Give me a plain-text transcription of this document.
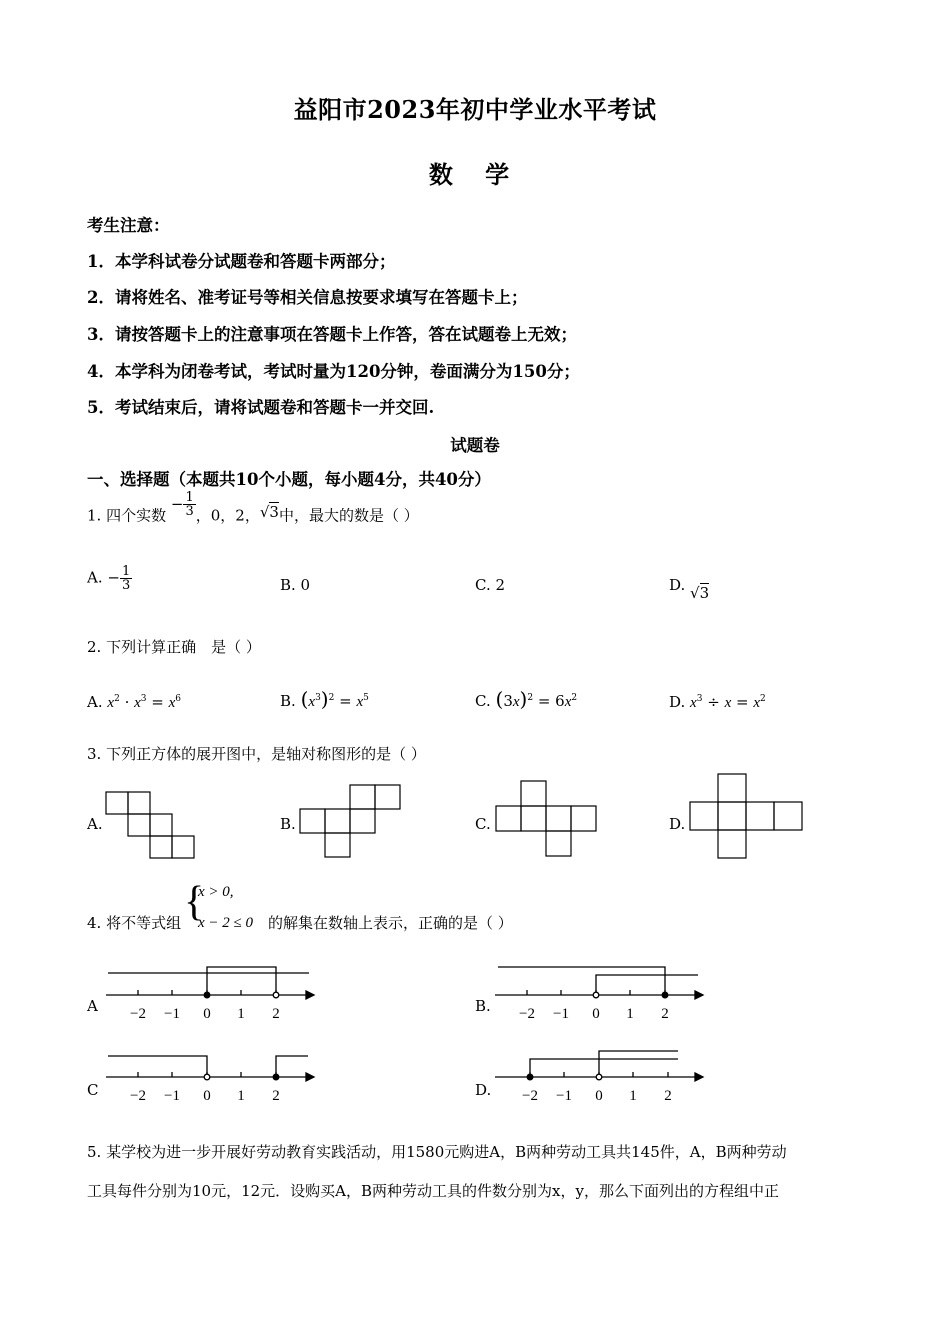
益阳市2023年初中学业水平考试
数 学
考生注意：
1．本学科试卷分试题卷和答题卡两部分；
2．请将姓名、准考证号等相关信息按要求填写在答题卡上；
3．请按答题卡上的注意事项在答题卡上作答，答在试题卷上无效；
4．本学科为闭卷考试，考试时量为120分钟，卷面满分为150分；
5．考试结束后，请将试题卷和答题卡一并交回.
试题卷
一、选择题（本题共10个小题，每小题4分，共40分）
1. 四个实数 − $\frac{1}{3}$ ，0，2，√3中，最大的数是（ ）
A. − $\frac{1}{3}$	B. 0	C. 2	D. √3
2. 下列计算正确　是（ ）
A. $x^2 \cdot x^3 = x^6$	B. $(x^3)^2 = x^5$	C. $(3x)^2 = 6x^2$	D. $x^3 \div x = x^2$
3. 下列正方体的展开图中，是轴对称图形的是（ ）
A.	B.	C.	D.
4. 将不等式组 {
x > 0,
x − 2 ≤ 0 的解集在数轴上表示，正确的是（ ）
A	B.
C	D.
−2 −1 0 1 2	−2 −1 0 1 2
−2 −1 0 1 2	−2 −1 0 1 2
5. 某学校为进一步开展好劳动教育实践活动，用1580元购进A，B两种劳动工具共145件，A，B两种劳动
工具每件分别为10元，12元．设购买A，B两种劳动工具的件数分别为x，y，那么下面列出的方程组中正
